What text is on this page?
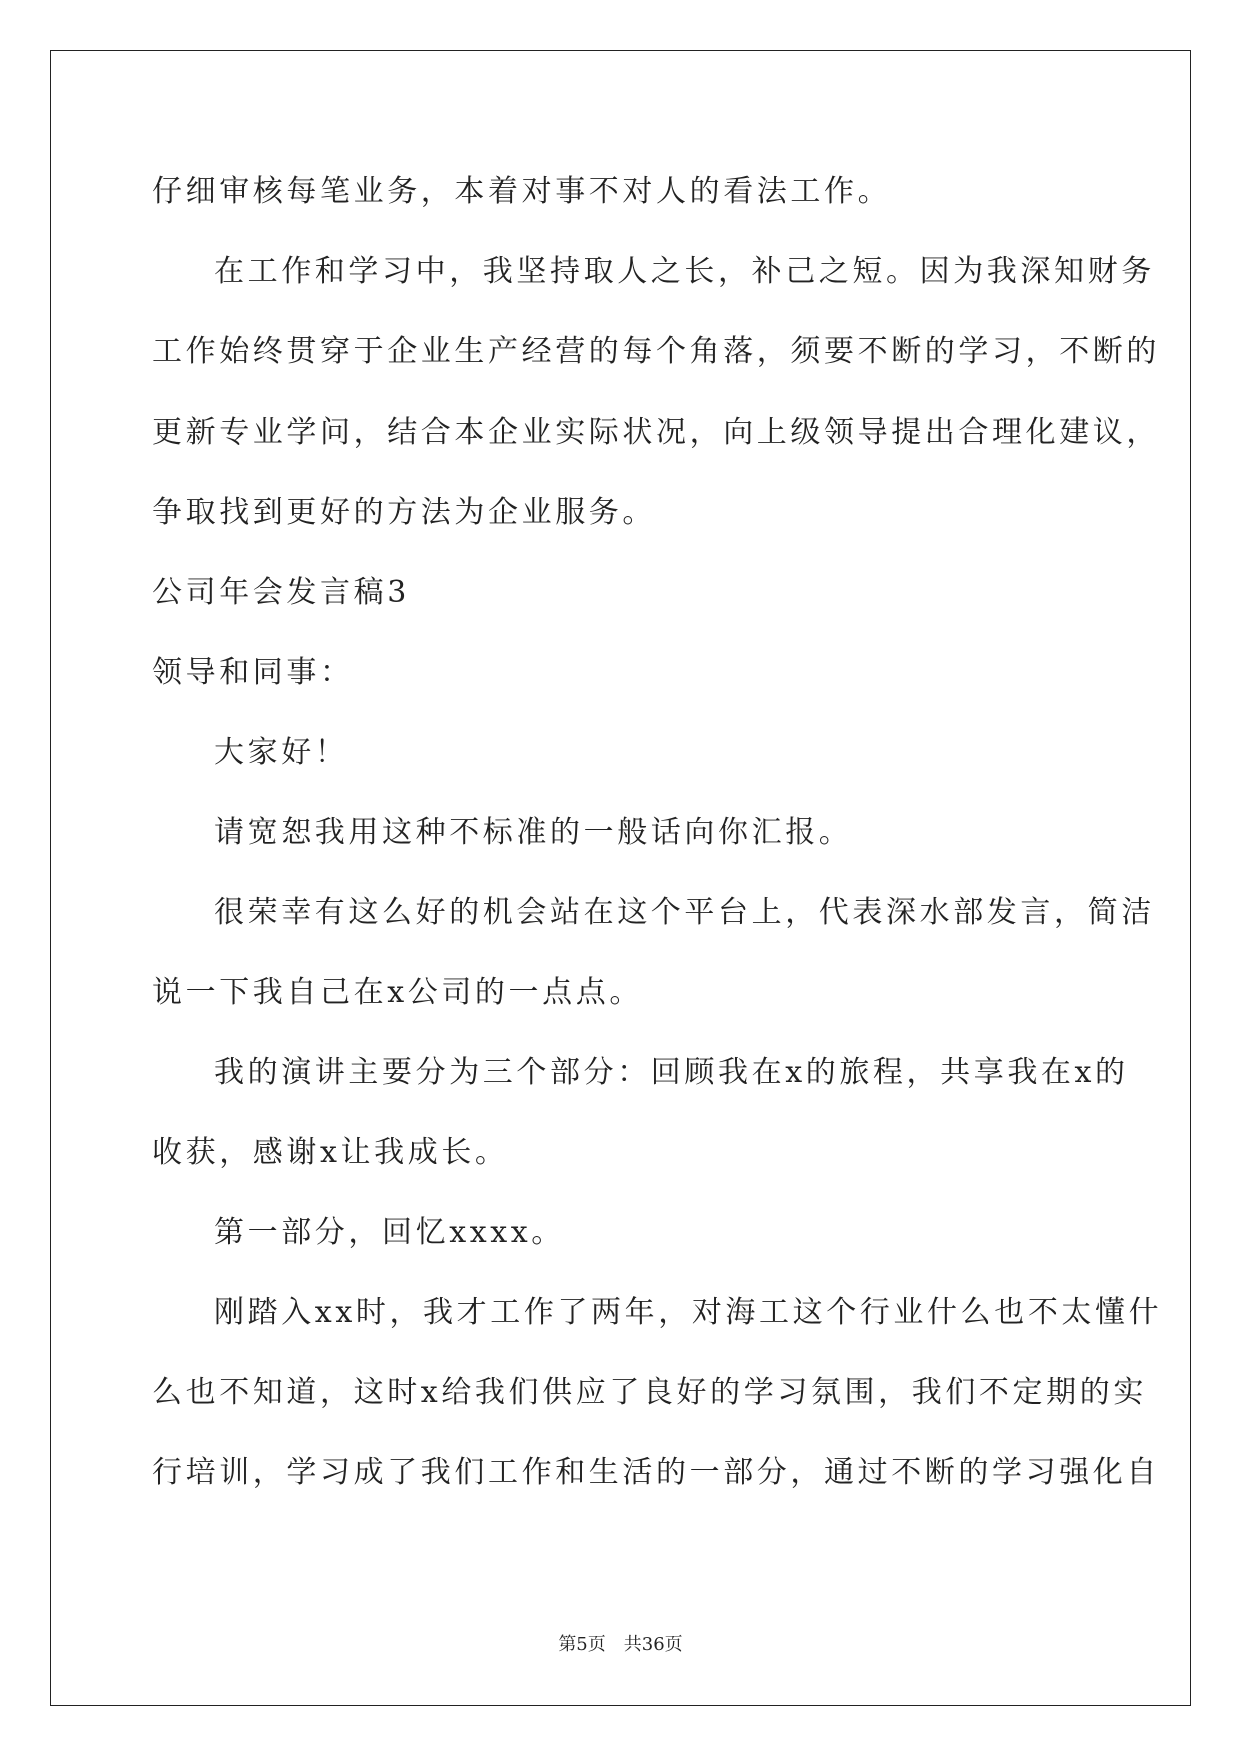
仔细审核每笔业务，本着对事不对人的看法工作。
在工作和学习中，我坚持取人之长，补己之短。因为我深知财务
工作始终贯穿于企业生产经营的每个角落，须要不断的学习，不断的
更新专业学问，结合本企业实际状况，向上级领导提出合理化建议，
争取找到更好的方法为企业服务。
公司年会发言稿3
领导和同事：
大家好！
请宽恕我用这种不标准的一般话向你汇报。
很荣幸有这么好的机会站在这个平台上，代表深水部发言，简洁
说一下我自己在x公司的一点点。
我的演讲主要分为三个部分：回顾我在x的旅程，共享我在x的
收获，感谢x让我成长。
第一部分，回忆xxxx。
刚踏入xx时，我才工作了两年，对海工这个行业什么也不太懂什
么也不知道，这时x给我们供应了良好的学习氛围，我们不定期的实
行培训，学习成了我们工作和生活的一部分，通过不断的学习强化自
第5页 共36页
